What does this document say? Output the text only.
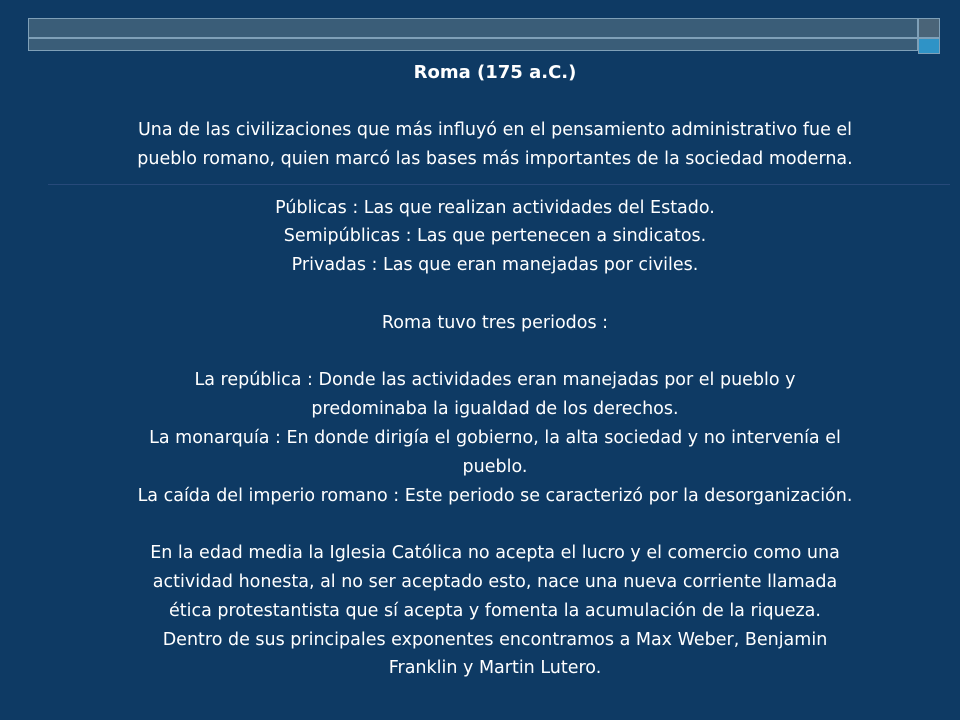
Roma (175 a.C.)

Una de las civilizaciones que más influyó en el pensamiento administrativo fue el

pueblo romano, quien marcó las bases más importantes de la sociedad moderna.

Públicas : Las que realizan actividades del Estado.

Semipúblicas : Las que pertenecen a sindicatos.

Privadas : Las que eran manejadas por civiles.

Roma tuvo tres periodos :

La república : Donde las actividades eran manejadas por el pueblo y

predominaba la igualdad de los derechos.

La monarquía : En donde dirigía el gobierno, la alta sociedad y no intervenía el

pueblo.

La caída del imperio romano : Este periodo se caracterizó por la desorganización.

En la edad media la Iglesia Católica no acepta el lucro y el comercio como una

actividad honesta, al no ser aceptado esto, nace una nueva corriente llamada

ética protestantista que sí acepta y fomenta la acumulación de la riqueza.

Dentro de sus principales exponentes encontramos a Max Weber, Benjamin

Franklin y Martin Lutero.
